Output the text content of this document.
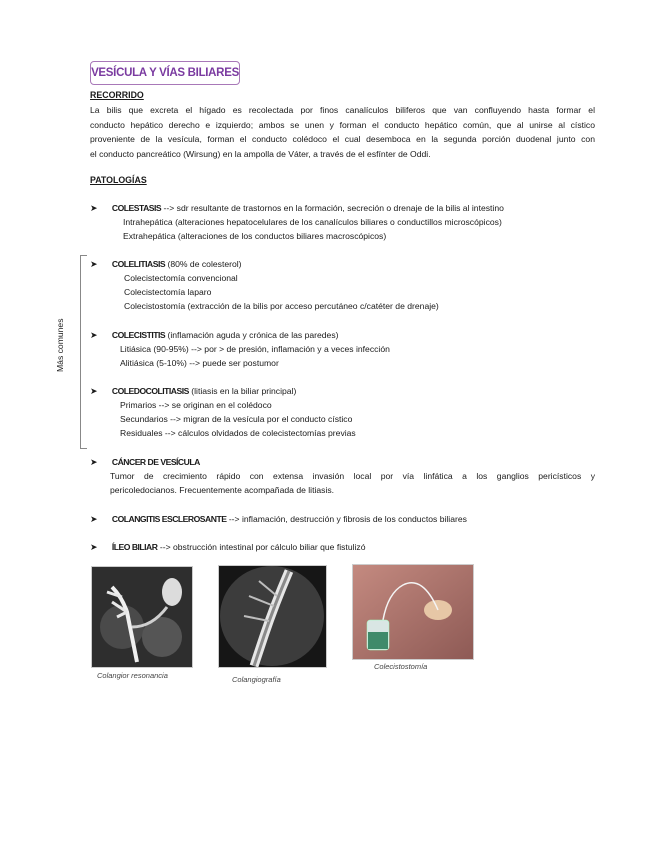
VESÍCULA Y VÍAS BILIARES
RECORRIDO
La bilis que excreta el hígado es recolectada por finos canalículos biliferos que van confluyendo hasta formar el
conducto hepático derecho e izquierdo; ambos se unen y forman el conducto hepático común, que al unirse al cístico
proveniente de la vesícula, forman el conducto colédoco el cual desemboca en la segunda porción duodenal junto con
el conducto pancreático (Wirsung) en la ampolla de Váter, a través de el esfínter de Oddi.
PATOLOGÍAS
➤ COLESTASIS --> sdr resultante de trastornos en la formación, secreción o drenaje de la bilis al intestino
Intrahepática (alteraciones hepatocelulares de los canalículos biliares o conductillos microscópicos)
Extrahepática (alteraciones de los conductos biliares macroscópicos)
Más comunes
➤ COLELITIASIS (80% de colesterol)
Colecistectomía convencional
Colecistectomía laparo
Colecistostomía (extracción de la bilis por acceso percutáneo c/catéter de drenaje)
➤ COLECISTITIS (inflamación aguda y crónica de las paredes)
Litiásica (90-95%) --> por > de presión, inflamación y a veces infección
Alitiásica (5-10%) --> puede ser postumor
➤ COLEDOCOLITIASIS (litiasis en la biliar principal)
Primarios --> se originan en el colédoco
Secundarios --> migran de la vesícula por el conducto cístico
Residuales --> cálculos olvidados de colecistectomías previas
➤ CÁNCER DE VESÍCULA
Tumor de crecimiento rápido con extensa invasión local por vía linfática a los ganglios pericísticos y
pericoledocianos. Frecuentemente acompañada de litiasis.
➤ COLANGITIS ESCLEROSANTE --> inflamación, destrucción y fibrosis de los conductos biliares
➤ ÍLEO BILIAR --> obstrucción intestinal por cálculo biliar que fistulizó
Colangior resonancia	Colangiografía
Colecistostomía
